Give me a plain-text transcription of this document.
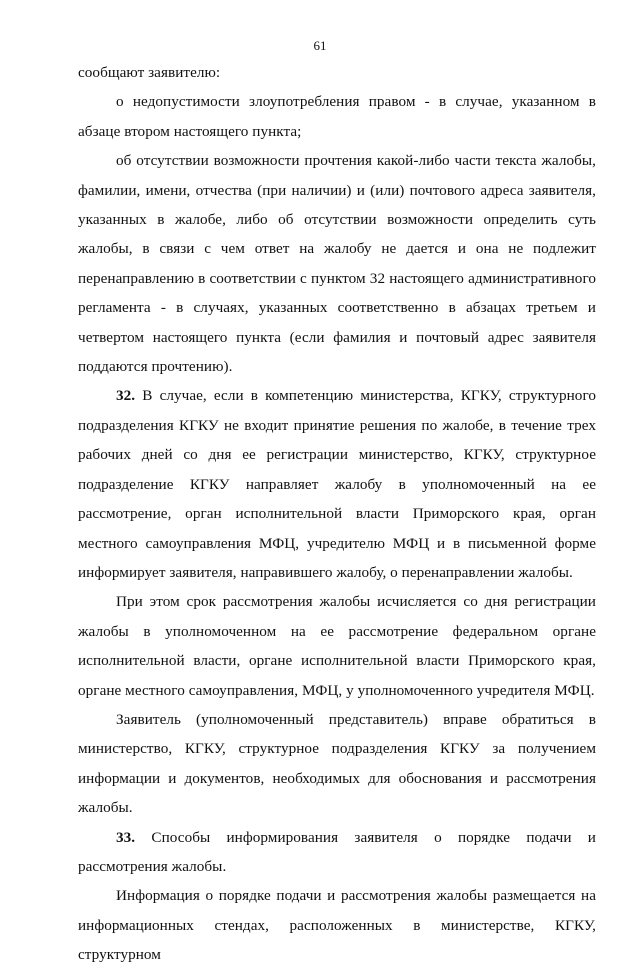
61

сообщают заявителю:

о недопустимости злоупотребления правом - в случае, указанном в абзаце втором настоящего пункта;

об отсутствии возможности прочтения какой-либо части текста жалобы, фамилии, имени, отчества (при наличии) и (или) почтового адреса заявителя, указанных в жалобе, либо об отсутствии возможности определить суть жалобы, в связи с чем ответ на жалобу не дается и она не подлежит перенаправлению в соответствии с пунктом 32 настоящего административного регламента - в случаях, указанных соответственно в абзацах третьем и четвертом настоящего пункта (если фамилия и почтовый адрес заявителя поддаются прочтению).

32. В случае, если в компетенцию министерства, КГКУ, структурного подразделения КГКУ не входит принятие решения по жалобе, в течение трех рабочих дней со дня ее регистрации министерство, КГКУ, структурное подразделение КГКУ направляет жалобу в уполномоченный на ее рассмотрение, орган исполнительной власти Приморского края, орган местного самоуправления МФЦ, учредителю МФЦ и в письменной форме информирует заявителя, направившего жалобу, о перенаправлении жалобы.

При этом срок рассмотрения жалобы исчисляется со дня регистрации жалобы в уполномоченном на ее рассмотрение федеральном органе исполнительной власти, органе исполнительной власти Приморского края, органе местного самоуправления, МФЦ, у уполномоченного учредителя МФЦ.

Заявитель (уполномоченный представитель) вправе обратиться в министерство, КГКУ, структурное подразделения КГКУ за получением информации и документов, необходимых для обоснования и рассмотрения жалобы.

33. Способы информирования заявителя о порядке подачи и рассмотрения жалобы.

Информация о порядке подачи и рассмотрения жалобы размещается на информационных стендах, расположенных в министерстве, КГКУ, структурном
